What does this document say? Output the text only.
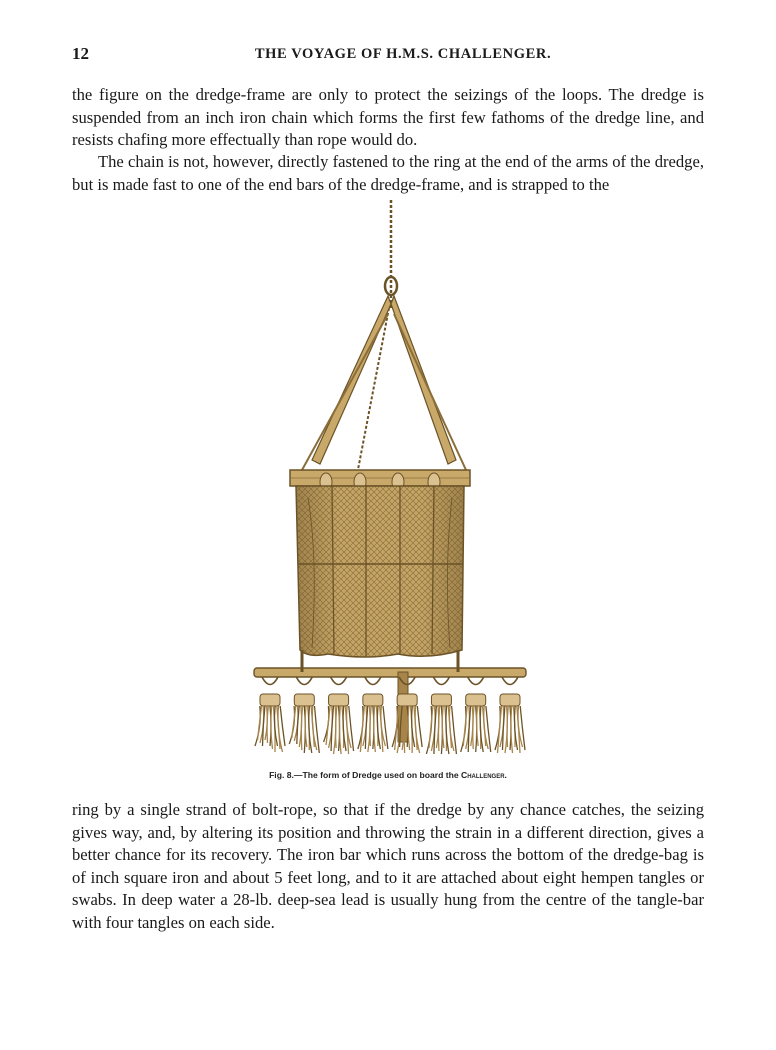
12	THE VOYAGE OF H.M.S. CHALLENGER.

the figure on the dredge-frame are only to protect the seizings of the loops. The dredge is suspended from an inch iron chain which forms the first few fathoms of the dredge line, and resists chafing more effectually than rope would do.

The chain is not, however, directly fastened to the ring at the end of the arms of the dredge, but is made fast to one of the end bars of the dredge-frame, and is strapped to the

Fig. 8.—The form of Dredge used on board the Challenger.

ring by a single strand of bolt-rope, so that if the dredge by any chance catches, the seizing gives way, and, by altering its position and throwing the strain in a different direction, gives a better chance for its recovery. The iron bar which runs across the bottom of the dredge-bag is of inch square iron and about 5 feet long, and to it are attached about eight hempen tangles or swabs. In deep water a 28-lb. deep-sea lead is usually hung from the centre of the tangle-bar with four tangles on each side.
